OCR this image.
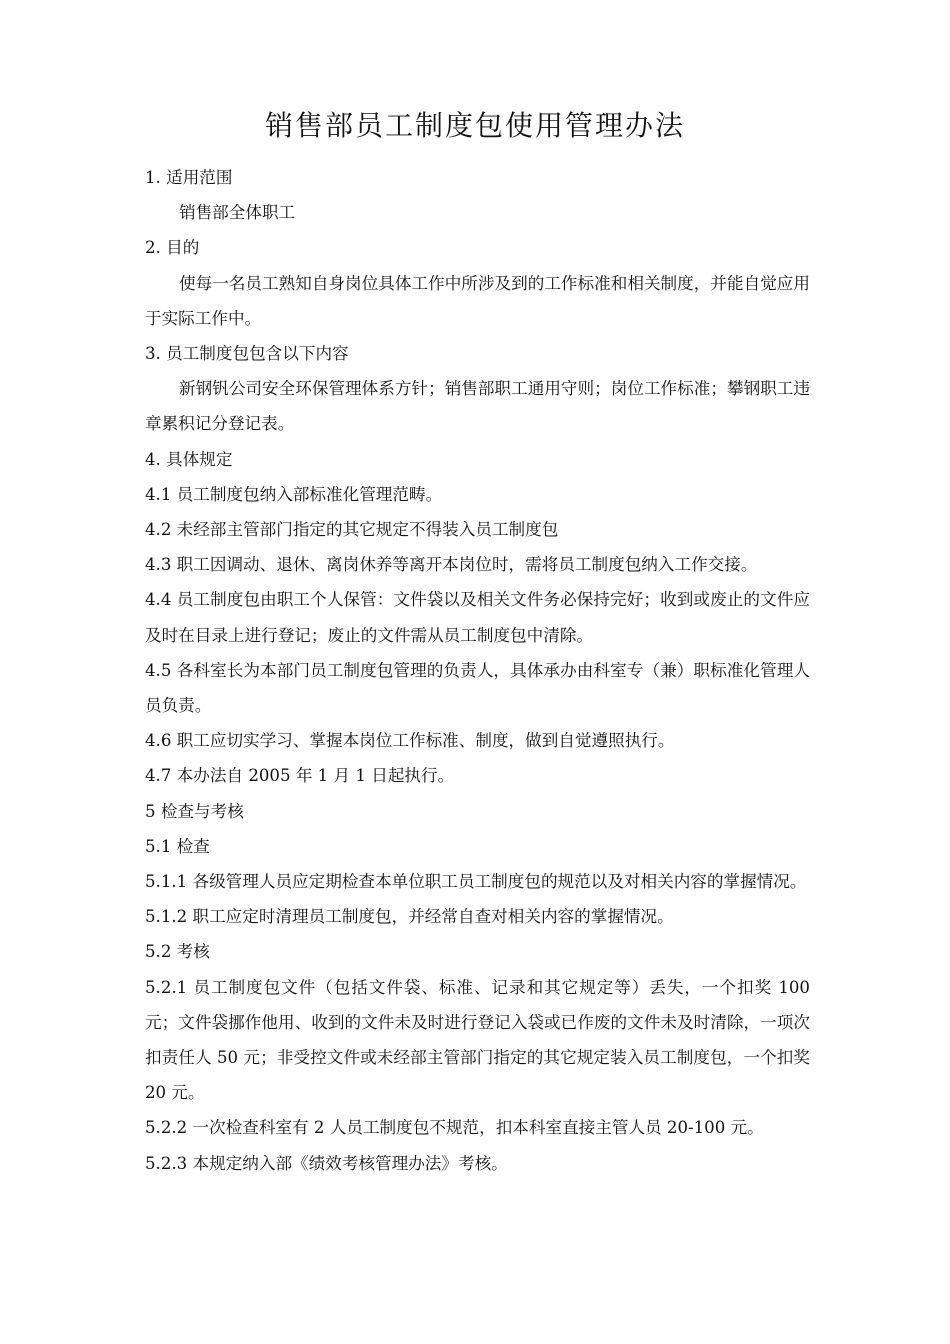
销售部员工制度包使用管理办法

1. 适用范围

销售部全体职工

2. 目的

使每一名员工熟知自身岗位具体工作中所涉及到的工作标准和相关制度，并能自觉应用于实际工作中。

3. 员工制度包包含以下内容

新钢钒公司安全环保管理体系方针；销售部职工通用守则；岗位工作标准；攀钢职工违章累积记分登记表。

4. 具体规定

4.1 员工制度包纳入部标准化管理范畴。

4.2 未经部主管部门指定的其它规定不得装入员工制度包

4.3 职工因调动、退休、离岗休养等离开本岗位时，需将员工制度包纳入工作交接。

4.4 员工制度包由职工个人保管：文件袋以及相关文件务必保持完好；收到或废止的文件应及时在目录上进行登记；废止的文件需从员工制度包中清除。

4.5 各科室长为本部门员工制度包管理的负责人，具体承办由科室专（兼）职标准化管理人员负责。

4.6 职工应切实学习、掌握本岗位工作标准、制度，做到自觉遵照执行。

4.7 本办法自 2005 年 1 月 1 日起执行。

5 检查与考核

5.1 检查

5.1.1 各级管理人员应定期检查本单位职工员工制度包的规范以及对相关内容的掌握情况。

5.1.2 职工应定时清理员工制度包，并经常自查对相关内容的掌握情况。

5.2 考核

5.2.1 员工制度包文件（包括文件袋、标准、记录和其它规定等）丢失，一个扣奖 100 元；文件袋挪作他用、收到的文件未及时进行登记入袋或已作废的文件未及时清除，一项次扣责任人 50 元；非受控文件或未经部主管部门指定的其它规定装入员工制度包，一个扣奖 20 元。

5.2.2 一次检查科室有 2 人员工制度包不规范，扣本科室直接主管人员 20-100 元。

5.2.3 本规定纳入部《绩效考核管理办法》考核。
